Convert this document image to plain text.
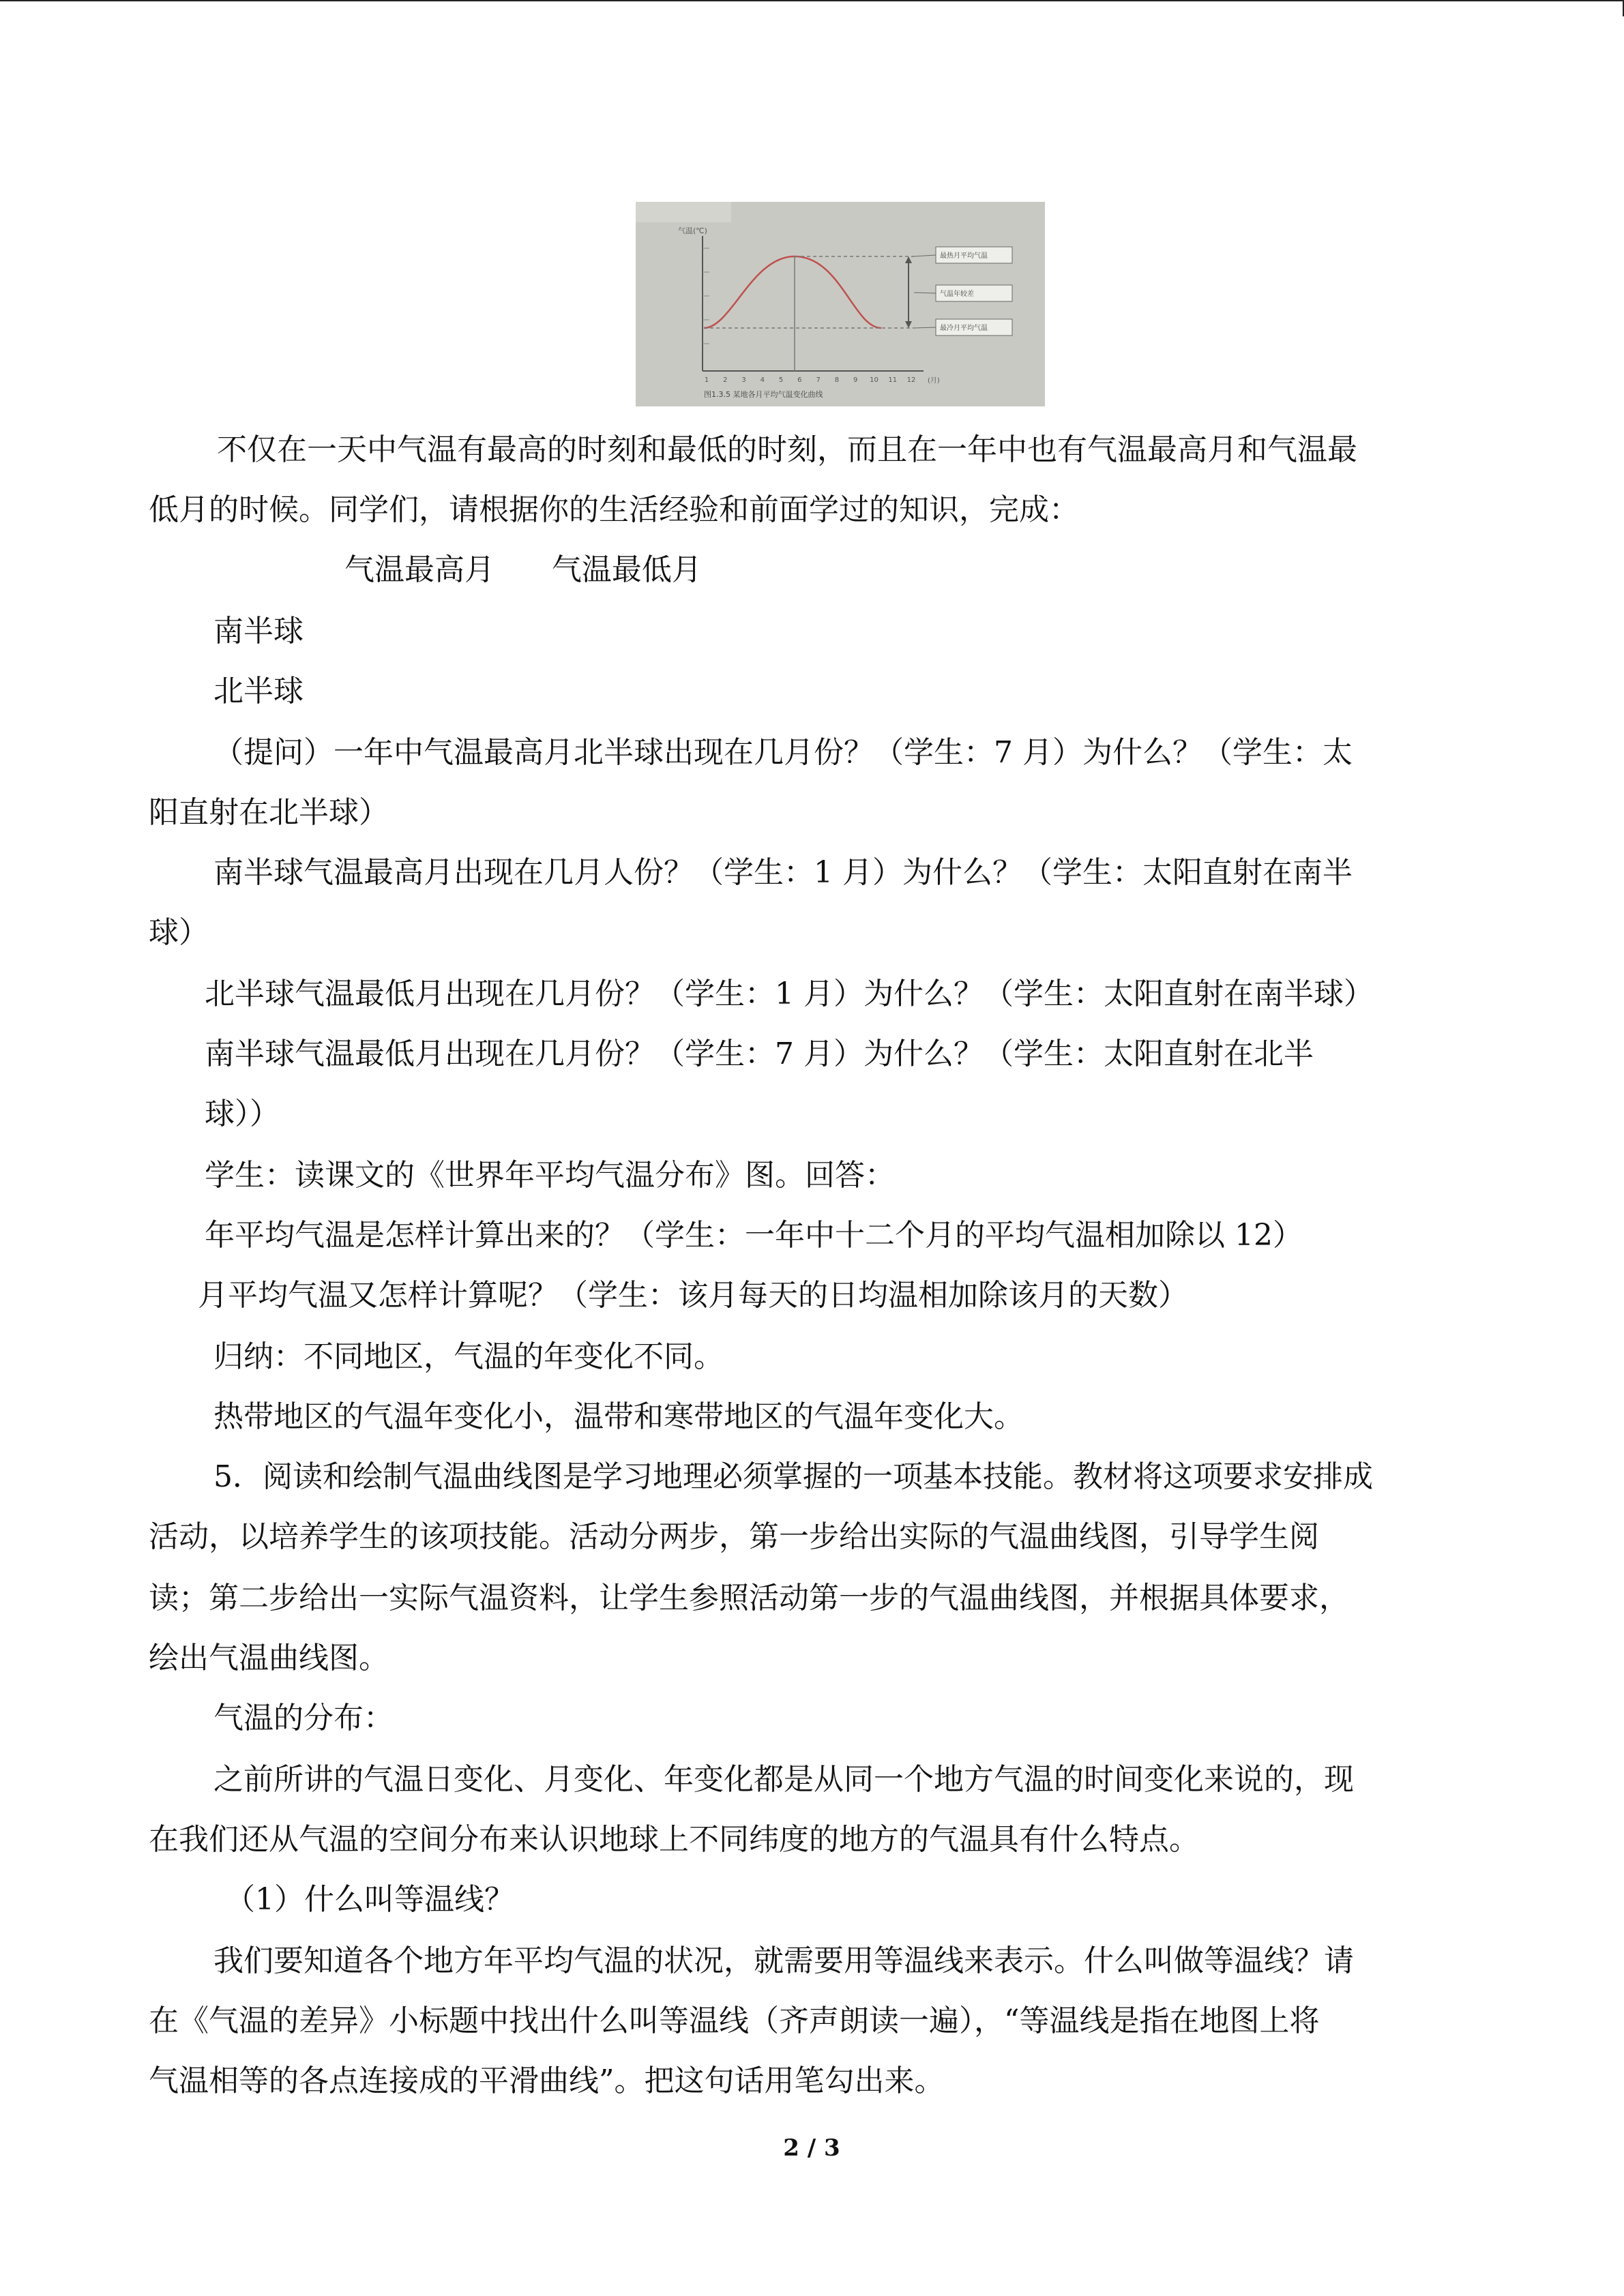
气温(℃)
1 2 3 4 5 6 7 8 9 10 11 12 (月)
最热月平均气温
气温年较差
最冷月平均气温
图1.3.5 某地各月平均气温变化曲线

不仅在一天中气温有最高的时刻和最低的时刻，而且在一年中也有气温最高月和气温最

低月的时候。同学们，请根据你的生活经验和前面学过的知识，完成：

气温最高月      气温最低月

南半球

北半球

（提问）一年中气温最高月北半球出现在几月份？（学生：7 月）为什么？（学生：太

阳直射在北半球）

南半球气温最高月出现在几月人份？（学生：1 月）为什么？（学生：太阳直射在南半

球）

北半球气温最低月出现在几月份？（学生：1 月）为什么？（学生：太阳直射在南半球）

南半球气温最低月出现在几月份？（学生：7 月）为什么？（学生：太阳直射在北半

球））

学生：读课文的《世界年平均气温分布》图。回答：

年平均气温是怎样计算出来的？（学生：一年中十二个月的平均气温相加除以 12）

月平均气温又怎样计算呢？（学生：该月每天的日均温相加除该月的天数）

归纳：不同地区，气温的年变化不同。

热带地区的气温年变化小，温带和寒带地区的气温年变化大。

5．阅读和绘制气温曲线图是学习地理必须掌握的一项基本技能。教材将这项要求安排成

活动，以培养学生的该项技能。活动分两步，第一步给出实际的气温曲线图，引导学生阅

读；第二步给出一实际气温资料，让学生参照活动第一步的气温曲线图，并根据具体要求，

绘出气温曲线图。

气温的分布：

之前所讲的气温日变化、月变化、年变化都是从同一个地方气温的时间变化来说的，现

在我们还从气温的空间分布来认识地球上不同纬度的地方的气温具有什么特点。

（1）什么叫等温线？

我们要知道各个地方年平均气温的状况，就需要用等温线来表示。什么叫做等温线？请

在《气温的差异》小标题中找出什么叫等温线（齐声朗读一遍），“等温线是指在地图上将

气温相等的各点连接成的平滑曲线”。把这句话用笔勾出来。

2 / 3
